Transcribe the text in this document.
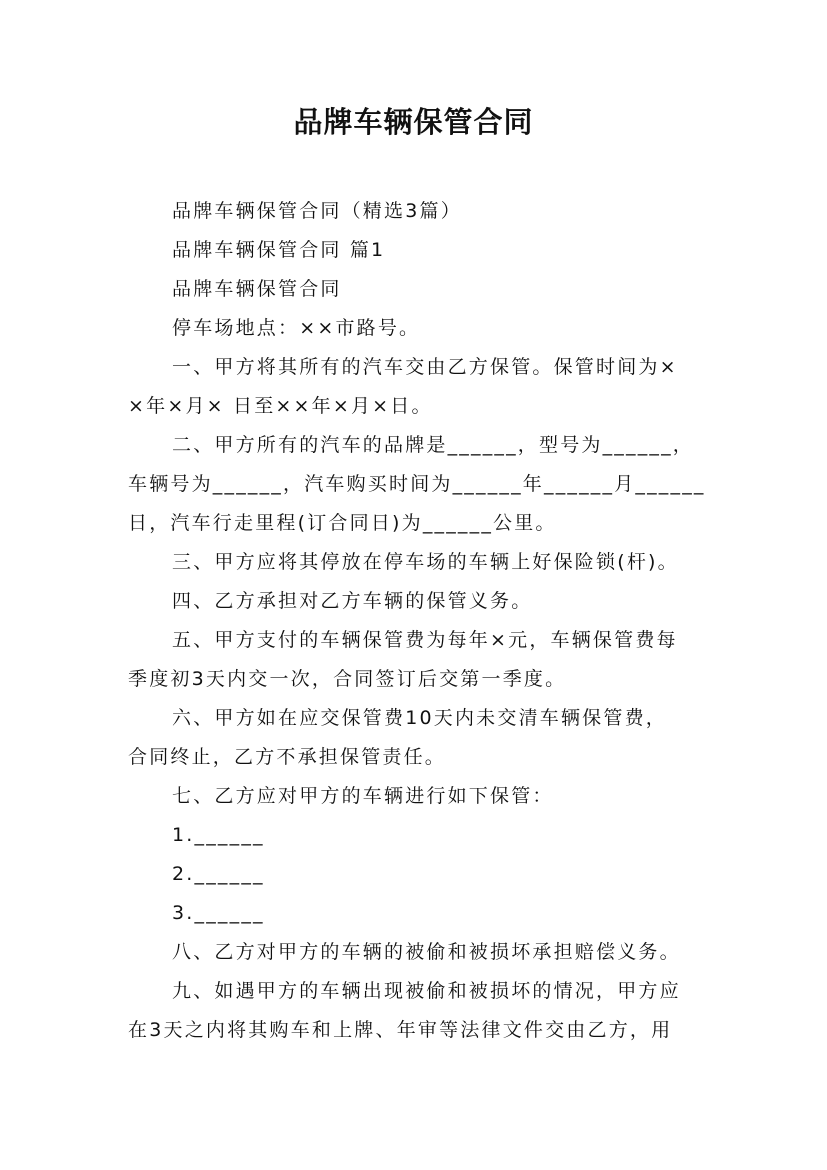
品牌车辆保管合同
品牌车辆保管合同（精选3篇）
品牌车辆保管合同 篇1
品牌车辆保管合同
停车场地点：××市路号。
一、甲方将其所有的汽车交由乙方保管。保管时间为×
×年×月× 日至××年×月×日。
二、甲方所有的汽车的品牌是______，型号为______，
车辆号为______，汽车购买时间为______年______月______
日，汽车行走里程(订合同日)为______公里。
三、甲方应将其停放在停车场的车辆上好保险锁(杆)。
四、乙方承担对乙方车辆的保管义务。
五、甲方支付的车辆保管费为每年×元，车辆保管费每
季度初3天内交一次，合同签订后交第一季度。
六、甲方如在应交保管费10天内未交清车辆保管费，
合同终止，乙方不承担保管责任。
七、乙方应对甲方的车辆进行如下保管：
1.______
2.______
3.______
八、乙方对甲方的车辆的被偷和被损坏承担赔偿义务。
九、如遇甲方的车辆出现被偷和被损坏的情况，甲方应
在3天之内将其购车和上牌、年审等法律文件交由乙方，用
